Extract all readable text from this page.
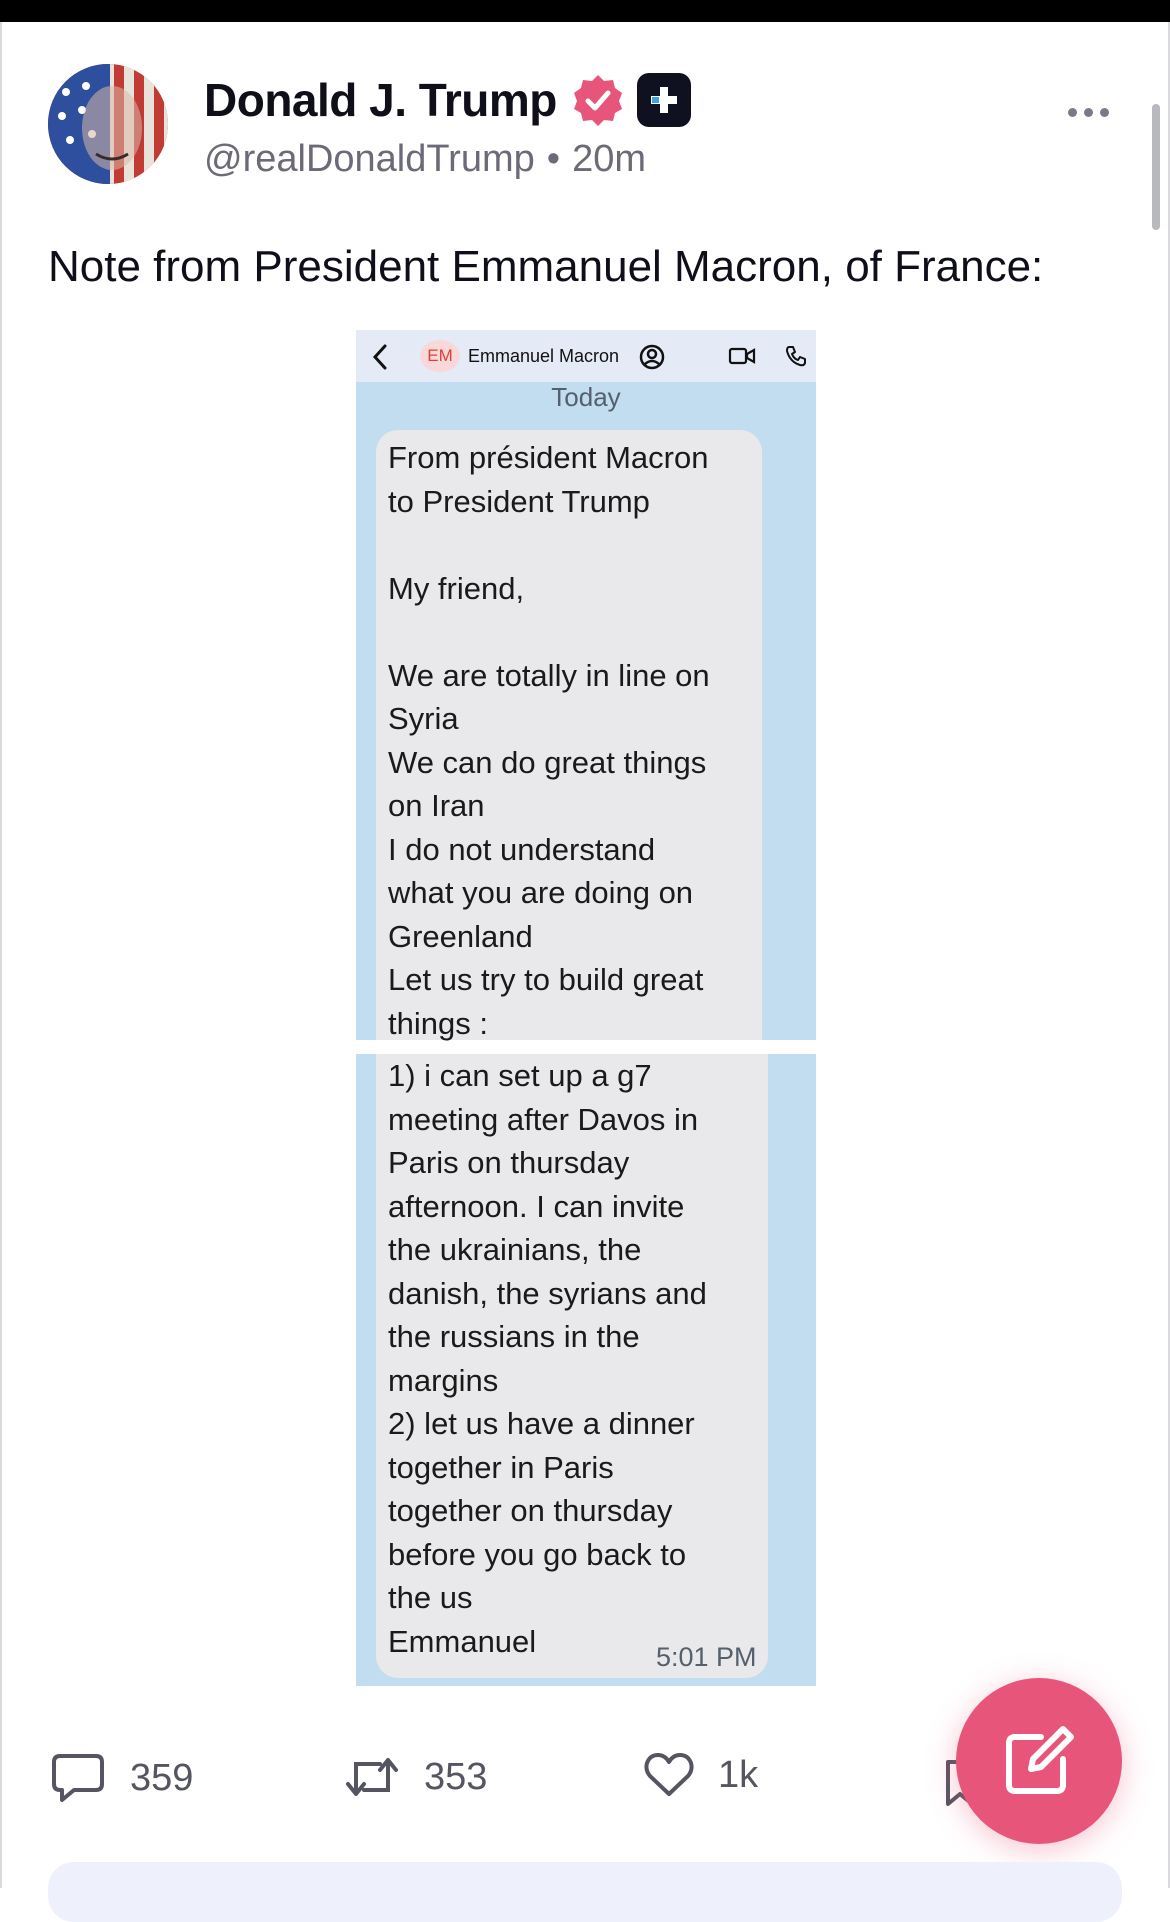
Donald J. Trump
@realDonaldTrump • 20m
Note from President Emmanuel Macron, of France:
EM Emmanuel Macron
Today
From président Macron
to President Trump

My friend,

We are totally in line on
Syria
We can do great things
on Iran
I do not understand
what you are doing on
Greenland
Let us try to build great
things :
1) i can set up a g7
meeting after Davos in
Paris on thursday
afternoon. I can invite
the ukrainians, the
danish, the syrians and
the russians in the
margins
2) let us have a dinner
together in Paris
together on thursday
before you go back to
the us
Emmanuel	5:01 PM
359	353	1k
